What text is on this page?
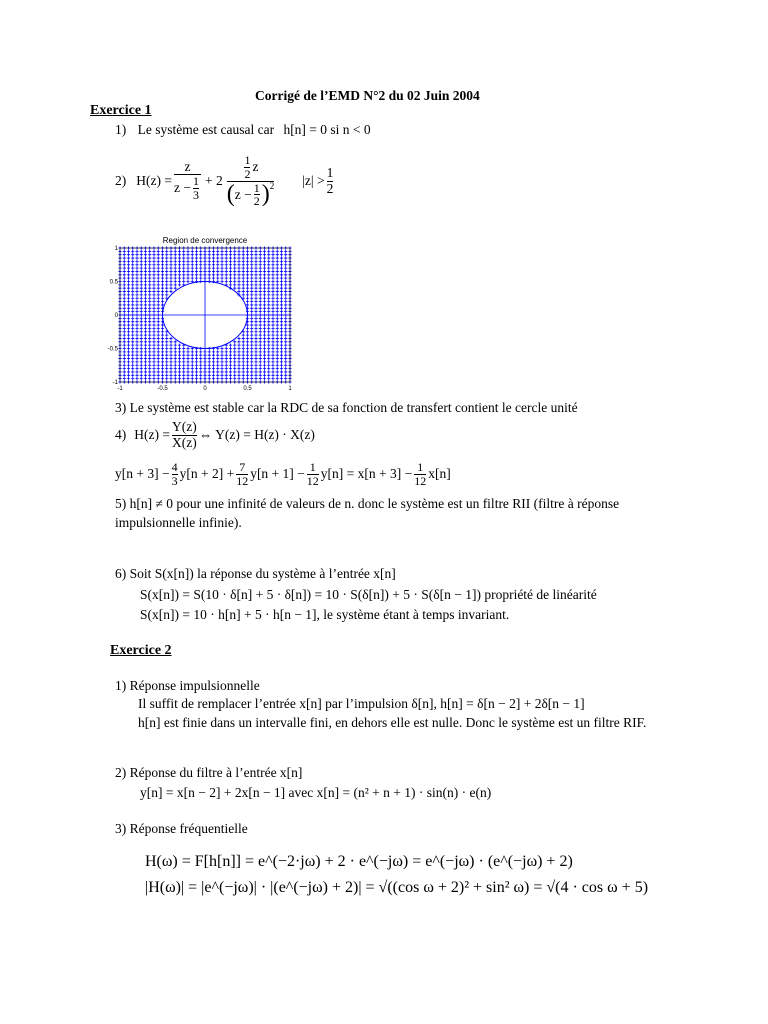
Corrigé de l’EMD N°2 du 02 Juin 2004
Exercice 1
1) Le système est causal car h[n] = 0 si n < 0
2) $H(z) = \frac{z}{z - \frac{1}{3}} + 2$
$\frac{1}{2}$ z
( $z - \frac{1}{2} )^2$ $|z| > \frac{1}{2}$
Region de convergence
-1	-0.5	0	0.5	1
1
0.5
0
-0.5
-1
3) Le système est stable car la RDC de sa fonction de transfert contient le cercle unité
4) $H(z) = \frac{Y(z)}{X(z)}$ ⇔ Y(z) = H(z) · X(z)
$y[n + 3] - \frac{4}{3} y[n + 2] + \frac{7}{12} y[n + 1] - \frac{1}{12} y[n] = x[n + 3] - \frac{1}{12} x[n]$
5) h[n] ≠ 0 pour une infinité de valeurs de n. donc le système est un filtre RII (filtre à réponse impulsionnelle infinie).
6) Soit S(x[n]) la réponse du système à l’entrée x[n]
S(x[n]) = S(10 · δ[n] + 5 · δ[n]) = 10 · S(δ[n]) + 5 · S(δ[n − 1]) propriété de linéarité
S(x[n]) = 10 · h[n] + 5 · h[n − 1], le système étant à temps invariant.
Exercice 2
1) Réponse impulsionnelle
Il suffit de remplacer l’entrée x[n] par l’impulsion δ[n], h[n] = δ[n − 2] + 2δ[n − 1]
h[n] est finie dans un intervalle fini, en dehors elle est nulle. Donc le système est un filtre RIF.
2) Réponse du filtre à l’entrée x[n]
y[n] = x[n − 2] + 2x[n − 1] avec x[n] = (n² + n + 1) · sin(n) · e(n)
3) Réponse fréquentielle
H(ω) = F[h[n]] = e^(−2·jω) + 2 · e^(−jω) = e^(−jω) · (e^(−jω) + 2)
|H(ω)| = |e^(−jω)| · |(e^(−jω) + 2)| = √((cos ω + 2)² + sin² ω) = √(4 · cos ω + 5)
